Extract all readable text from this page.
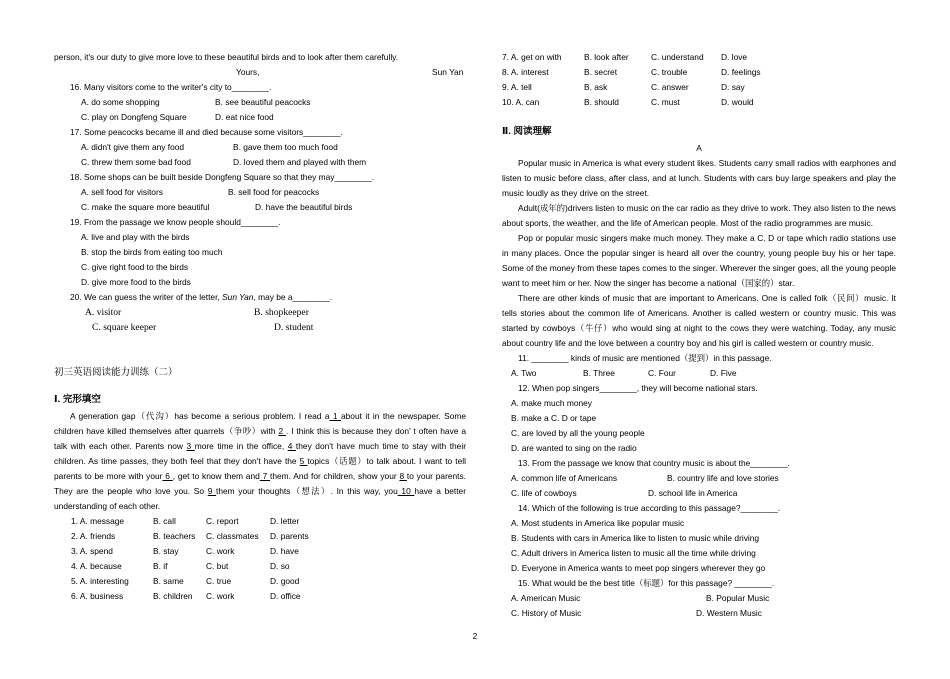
person, it's our duty to give more love to these beautiful birds and to look after them carefully.
Yours,	Sun Yan
16. Many visitors come to the writer's city to________.
A. do some shopping	B. see beautiful peacocks
C. play on Dongfeng Square	D. eat nice food
17. Some peacocks became ill and died because some visitors________.
A. didn't give them any food	B. gave them too much food
C. threw them some bad food	D. loved them and played with them
18. Some shops can be built beside Dongfeng Square so that they may________.
A. sell food for visitors	B. sell food for peacocks
C. make the square more beautiful	D. have the beautiful birds
19. From the passage we know people should________.
A. live and play with the birds
B. stop the birds from eating too much
C. give right food to the birds
D. give more food to the birds
20. We can guess the writer of the letter, Sun Yan, may be a________.
A. visitor	B. shopkeeper
C. square keeper	D. student
初三英语阅读能力训练（二）
Ⅰ. 完形填空
A generation gap（代沟）has become a serious problem. I read a 1 about it in the newspaper. Some children have killed themselves after quarrels（争吵）with 2 . I think this is because they don' t often have a talk with each other. Parents now 3 more time in the office, 4 they don't have much time to stay with their children. As time passes, they both feel that they don't have the 5 topics（话题）to talk about. I want to tell parents to be more with your 6 , get to know them and 7 them. And for children, show your 8 to your parents. They are the people who love you. So 9 them your thoughts（想法）. In this way, you 10 have a better understanding of each other.
1. A. message	B. call	C. report	D. letter
2. A. friends	B. teachers C. classmates D. parents
3. A. spend	B. stay	C. work	D. have
4. A. because	B. if	C. but	D. so
5. A. interesting	B. same	C. true	D. good
6. A. business	B. children C. work	D. office
7. A. get on with	B. look after	C. understand D. love
8. A. interest	B. secret	C. trouble	D. feelings
9. A. tell	B. ask	C. answer	D. say
10. A. can	B. should	C. must	D. would
Ⅱ. 阅读理解
A
Popular music in America is what every student likes. Students carry small radios with earphones and listen to music before class, after class, and at lunch. Students with cars buy large speakers and play the music loudly as they drive on the street.
Adult(成年的)drivers listen to music on the car radio as they drive to work. They also listen to the news about sports, the weather, and the life of American people. Most of the radio programmes are music.
Pop or popular music singers make much money. They make a C. D or tape which radio stations use in many places. Once the popular singer is heard all over the country, young people buy his or her tape. Some of the money from these tapes comes to the singer. Wherever the singer goes, all the young people want to meet him or her. Now the singer has become a national（国家的）star.
There are other kinds of music that are important to Americans. One is called folk（民间）music. It tells stories about the common life of Americans. Another is called western or country music. This was started by cowboys（牛仔）who would sing at night to the cows they were watching. Today, any music about country life and the love between a country boy and his girl is called western or country music.
11. ________ kinds of music are mentioned（提到）in this passage.
A. Two	B. Three	C. Four	D. Five
12. When pop singers________, they will become national stars.
A. make much money
B. make a C. D or tape
C. are loved by all the young people
D. are wanted to sing on the radio
13. From the passage we know that country music is about the________.
A. common life of Americans	B. country life and love stories
C. life of cowboys	D. school life in America
14. Which of the following is true according to this passage?________.
A. Most students in America like popular music
B. Students with cars in America like to listen to music while driving
C. Adult drivers in America listen to music all the time while driving
D. Everyone in America wants to meet pop singers wherever they go
15. What would be the best title（标题）for this passage? ________.
A. American Music	B. Popular Music
C. History of Music	D. Western Music
2
